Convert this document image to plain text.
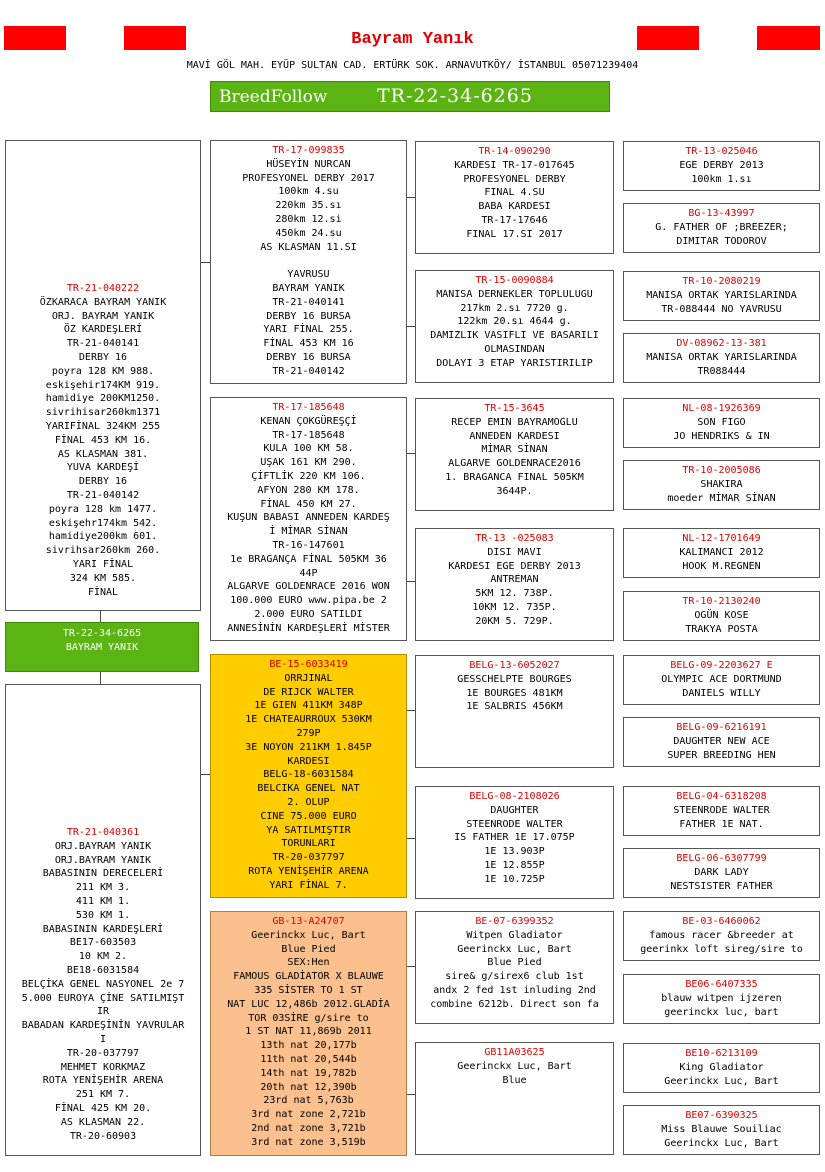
Bayram Yanık
MAVİ GÖL MAH. EYÜP SULTAN CAD. ERTÜRK SOK. ARNAVUTKÖY/ İSTANBUL 05071239404
BreedFollow	TR-22-34-6265
TR-21-040222
ÖZKARACA BAYRAM YANIK
ORJ. BAYRAM YANIK
ÖZ KARDEŞLERİ
TR-21-040141
DERBY 16
poyra 128 KM 988.
eskişehir174KM 919.
hamidiye 200KM1250.
sivrihisar260km1371
YARIFİNAL 324KM 255
FİNAL 453 KM 16.
AS KLASMAN 381.
YUVA KARDEŞİ
DERBY 16
TR-21-040142
poyra 128 km 1477.
eskişehr174km 542.
hamidiye200km 601.
sivrihsar260km 260.
YARI FİNAL
324 KM 585.
FİNAL
TR-22-34-6265
BAYRAM YANIK
TR-21-040361
ORJ.BAYRAM YANIK
ORJ.BAYRAM YANIK
BABASININ DERECELERİ
211 KM 3.
411 KM 1.
530 KM 1.
BABASININ KARDEŞLERİ
BE17-603503
10 KM 2.
BE18-6031584
BELÇİKA GENEL NASYONEL 2e 7
5.000 EUROYA ÇİNE SATILMIŞT
IR
BABADAN KARDEŞİNİN YAVRULAR
I
TR-20-037797
MEHMET KORKMAZ
ROTA YENİŞEHİR ARENA
251 KM 7.
FİNAL 425 KM 20.
AS KLASMAN 22.
TR-20-60903
TR-17-099835
HÜSEYİN NURCAN
PROFESYONEL DERBY 2017
100km 4.su
220km 35.sı
280km 12.si
450km 24.su
AS KLASMAN 11.SI
YAVRUSU
BAYRAM YANIK
TR-21-040141
DERBY 16 BURSA
YARI FİNAL 255.
FİNAL 453 KM 16
DERBY 16 BURSA
TR-21-040142
TR-17-185648
KENAN ÇOKGÜREŞÇİ
TR-17-185648
KULA 100 KM 58.
UŞAK 161 KM 290.
ÇİFTLİK 220 KM 106.
AFYON 280 KM 178.
FİNAL 450 KM 27.
KUŞUN BABASI ANNEDEN KARDEŞ
İ MİMAR SİNAN
TR-16-147601
1e BRAGANÇA FİNAL 505KM 36
44P
ALGARVE GOLDENRACE 2016 WON
100.000 EURO www.pipa.be 2
2.000 EURO SATILDI
ANNESİNİN KARDEŞLERİ MİSTER
BE-15-6033419
ORRJINAL
DE RIJCK WALTER
1E GIEN 411KM 348P
1E CHATEAURROUX 530KM
279P
3E NOYON 211KM 1.845P
KARDESI
BELG-18-6031584
BELCIKA GENEL NAT
2. OLUP
CINE 75.000 EURO
YA SATILMIŞTIR
TORUNLARI
TR-20-037797
ROTA YENİŞEHİR ARENA
YARI FİNAL 7.
GB-13-A24707
Geerinckx Luc, Bart
Blue Pied
SEX:Hen
FAMOUS GLADİATOR X BLAUWE
335 SİSTER TO 1 ST
NAT LUC 12,486b 2012.GLADİA
TOR 03SİRE g/sire to
1 ST NAT 11,869b 2011
13th nat 20,177b
11th nat 20,544b
14th nat 19,782b
20th nat 12,390b
23rd nat 5,763b
3rd nat zone 2,721b
2nd nat zone 3,721b
3rd nat zone 3,519b
TR-14-090290
KARDESI TR-17-017645
PROFESYONEL DERBY
FINAL 4.SU
BABA KARDESI
TR-17-17646
FINAL 17.SI 2017
TR-15-0090884
MANISA DERNEKLER TOPLULUGU
217km 2.sı 7720 g.
122km 20.sı 4644 g.
DAMIZLIK VASIFLI VE BASARILI
OLMASINDAN
DOLAYI 3 ETAP YARISTIRILIP
TR-15-3645
RECEP EMIN BAYRAMOGLU
ANNEDEN KARDESI
MİMAR SİNAN
ALGARVE GOLDENRACE2016
1. BRAGANCA FINAL 505KM
3644P.
TR-13 -025083
DISI MAVI
KARDESI EGE DERBY 2013
ANTREMAN
5KM 12. 738P.
10KM 12. 735P.
20KM 5. 729P.
BELG-13-6052027
GESSCHELPTE BOURGES
1E BOURGES 481KM
1E SALBRIS 456KM
BELG-08-2108026
DAUGHTER
STEENRODE WALTER
IS FATHER 1E 17.075P
1E 13.903P
1E 12.855P
1E 10.725P
BE-07-6399352
Witpen Gladiator
Geerinckx Luc, Bart
Blue Pied
sire& g/sirex6 club 1st
andx 2 fed 1st inluding 2nd
combine 6212b. Direct son fa
GB11A03625
Geerinckx Luc, Bart
Blue
TR-13-025046
EGE DERBY 2013
100km 1.sı
BG-13-43997
G. FATHER OF ;BREEZER;
DIMITAR TODOROV
TR-10-2080219
MANISA ORTAK YARISLARINDA
TR-088444 NO YAVRUSU
DV-08962-13-381
MANISA ORTAK YARISLARINDA
TR088444
NL-08-1926369
SON FIGO
JO HENDRIKS & IN
TR-10-2005086
SHAKIRA
moeder MİMAR SİNAN
NL-12-1701649
KALIMANCI 2012
HOOK M.REGNEN
TR-10-2130240
OGÜN KOSE
TRAKYA POSTA
BELG-09-2203627 E
OLYMPIC ACE DORTMUND
DANIELS WILLY
BELG-09-6216191
DAUGHTER NEW ACE
SUPER BREEDING HEN
BELG-04-6318208
STEENRODE WALTER
FATHER 1E NAT.
BELG-06-6307799
DARK LADY
NESTSISTER FATHER
BE-03-6460062
famous racer &breeder at
geerinkx loft sireg/sire to
BE06-6407335
blauw witpen ijzeren
geerinckx luc, bart
BE10-6213109
King Gladiator
Geerinckx Luc, Bart
BE07-6390325
Miss Blauwe Souiliac
Geerinckx Luc, Bart
